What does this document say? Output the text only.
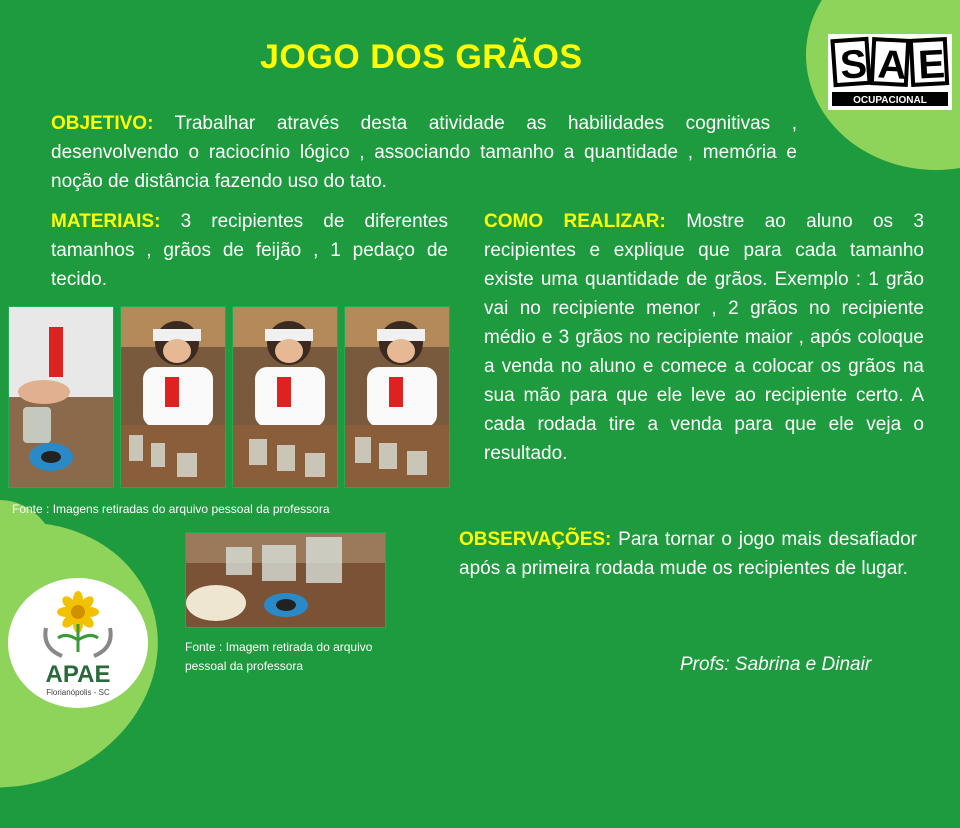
JOGO DOS GRÃOS	S A E
OCUPACIONAL
OBJETIVO: Trabalhar através desta atividade as habilidades cognitivas , desenvolvendo o raciocínio lógico , associando tamanho a quantidade , memória e noção de distância fazendo uso do tato.
MATERIAIS: 3 recipientes de diferentes tamanhos , grãos de feijão , 1 pedaço de tecido.
COMO REALIZAR: Mostre ao aluno os 3 recipientes e explique que para cada tamanho existe uma quantidade de grãos. Exemplo : 1 grão vai no recipiente menor , 2 grãos no recipiente médio e 3 grãos no recipiente maior , após coloque a venda no aluno e comece a colocar os grãos na sua mão para que ele leve ao recipiente certo. A cada rodada tire a venda para que ele veja o resultado.
Fonte : Imagens retiradas do arquivo pessoal da professora
Fonte : Imagem retirada do arquivo pessoal da professora
OBSERVAÇÕES: Para tornar o jogo mais desafiador após a primeira rodada mude os recipientes de lugar.
Profs: Sabrina e Dinair
APAE
Florianópolis - SC
